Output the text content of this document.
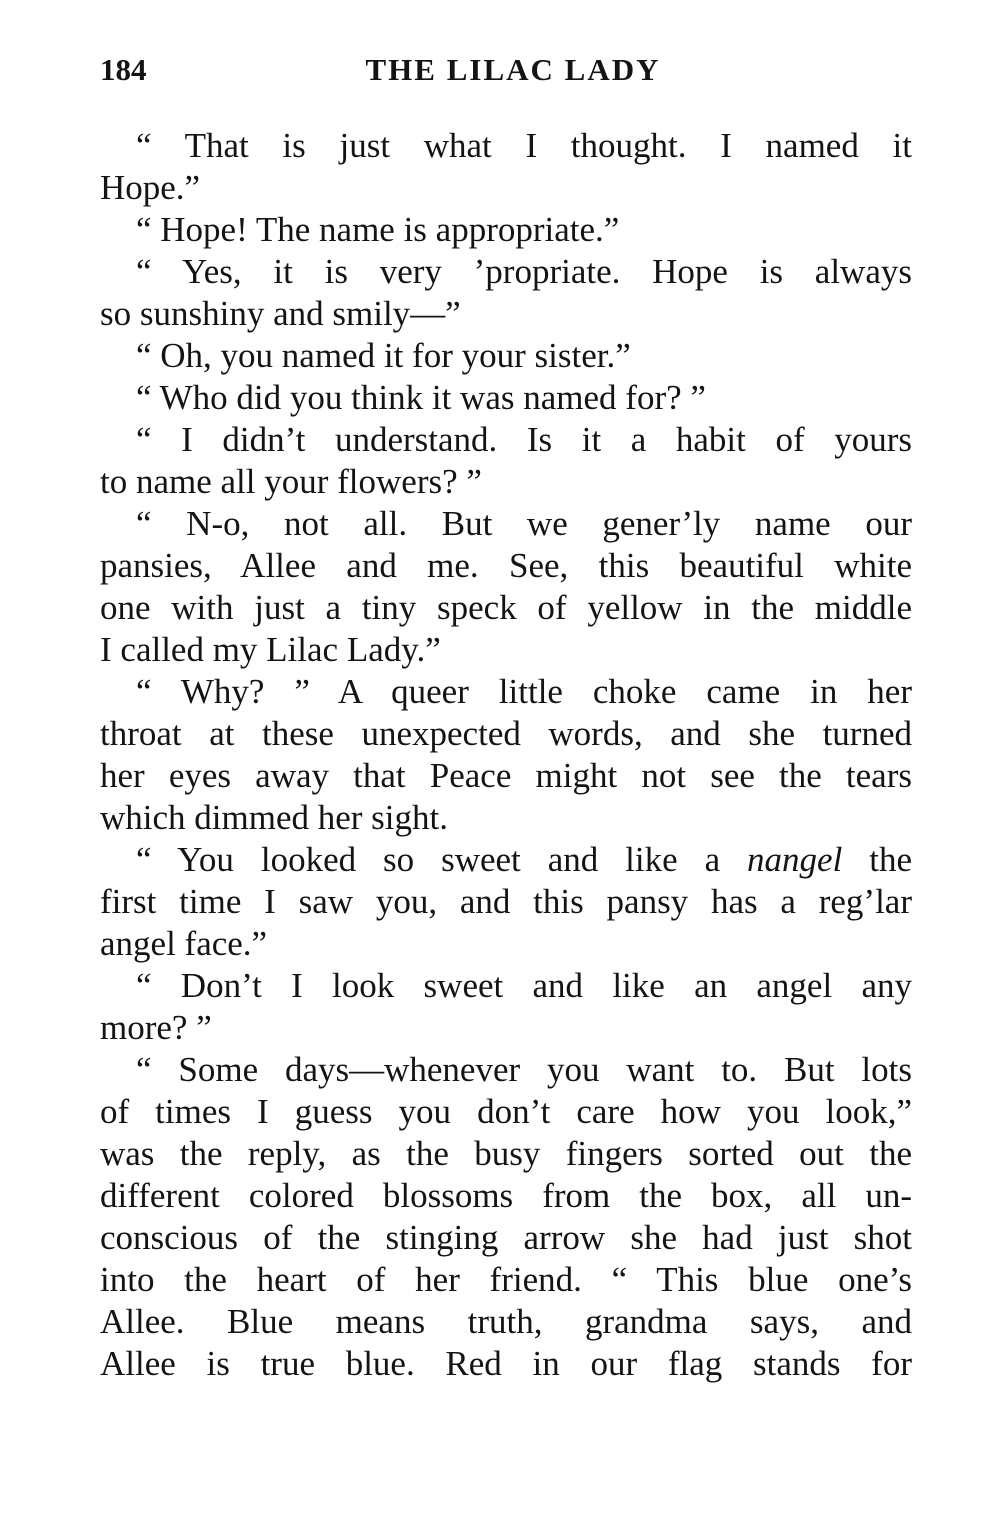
184	THE LILAC LADY
“ That is just what I thought. I named it
Hope.”
“ Hope! The name is appropriate.”
“ Yes, it is very ’propriate. Hope is always
so sunshiny and smily—”
“ Oh, you named it for your sister.”
“ Who did you think it was named for? ”
“ I didn’t understand. Is it a habit of yours
to name all your flowers? ”
“ N-o, not all. But we gener’ly name our
pansies, Allee and me. See, this beautiful white
one with just a tiny speck of yellow in the middle
I called my Lilac Lady.”
“ Why? ” A queer little choke came in her
throat at these unexpected words, and she turned
her eyes away that Peace might not see the tears
which dimmed her sight.
“ You looked so sweet and like a nangel the
first time I saw you, and this pansy has a reg’lar
angel face.”
“ Don’t I look sweet and like an angel any
more? ”
“ Some days—whenever you want to. But lots
of times I guess you don’t care how you look,”
was the reply, as the busy fingers sorted out the
different colored blossoms from the box, all un-
conscious of the stinging arrow she had just shot
into the heart of her friend. “ This blue one’s
Allee. Blue means truth, grandma says, and
Allee is true blue. Red in our flag stands for
